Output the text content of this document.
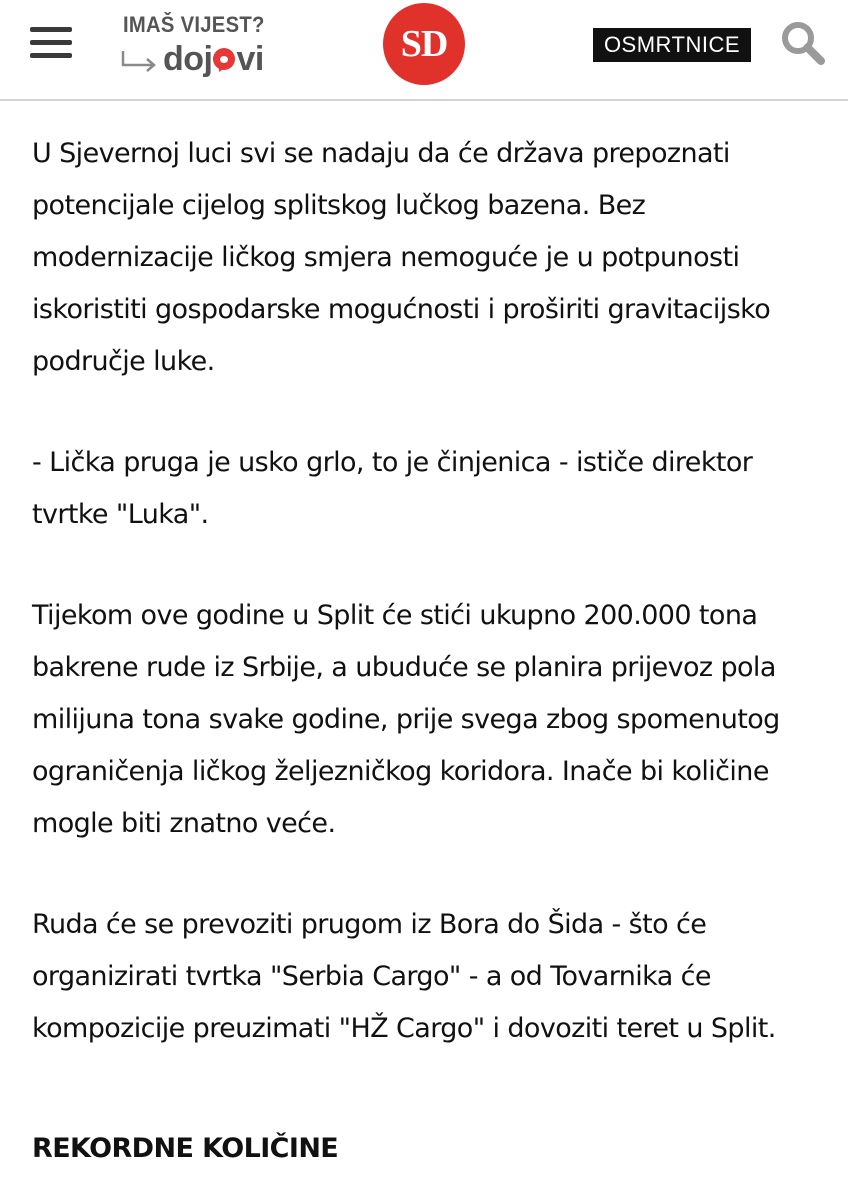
IMAŠ VIJEST?
doj vi	SD	OSMRTNICE

U Sjevernoj luci svi se nadaju da će država prepoznati potencijale cijelog splitskog lučkog bazena. Bez modernizacije ličkog smjera nemoguće je u potpunosti iskoristiti gospodarske mogućnosti i proširiti gravitacijsko područje luke.

- Lička pruga je usko grlo, to je činjenica - ističe direktor tvrtke "Luka".

Tijekom ove godine u Split će stići ukupno 200.000 tona bakrene rude iz Srbije, a ubuduće se planira prijevoz pola milijuna tona svake godine, prije svega zbog spomenutog ograničenja ličkog željezničkog koridora. Inače bi količine mogle biti znatno veće.

Ruda će se prevoziti prugom iz Bora do Šida - što će organizirati tvrtka "Serbia Cargo" - a od Tovarnika će kompozicije preuzimati "HŽ Cargo" i dovoziti teret u Split.

REKORDNE KOLIČINE
